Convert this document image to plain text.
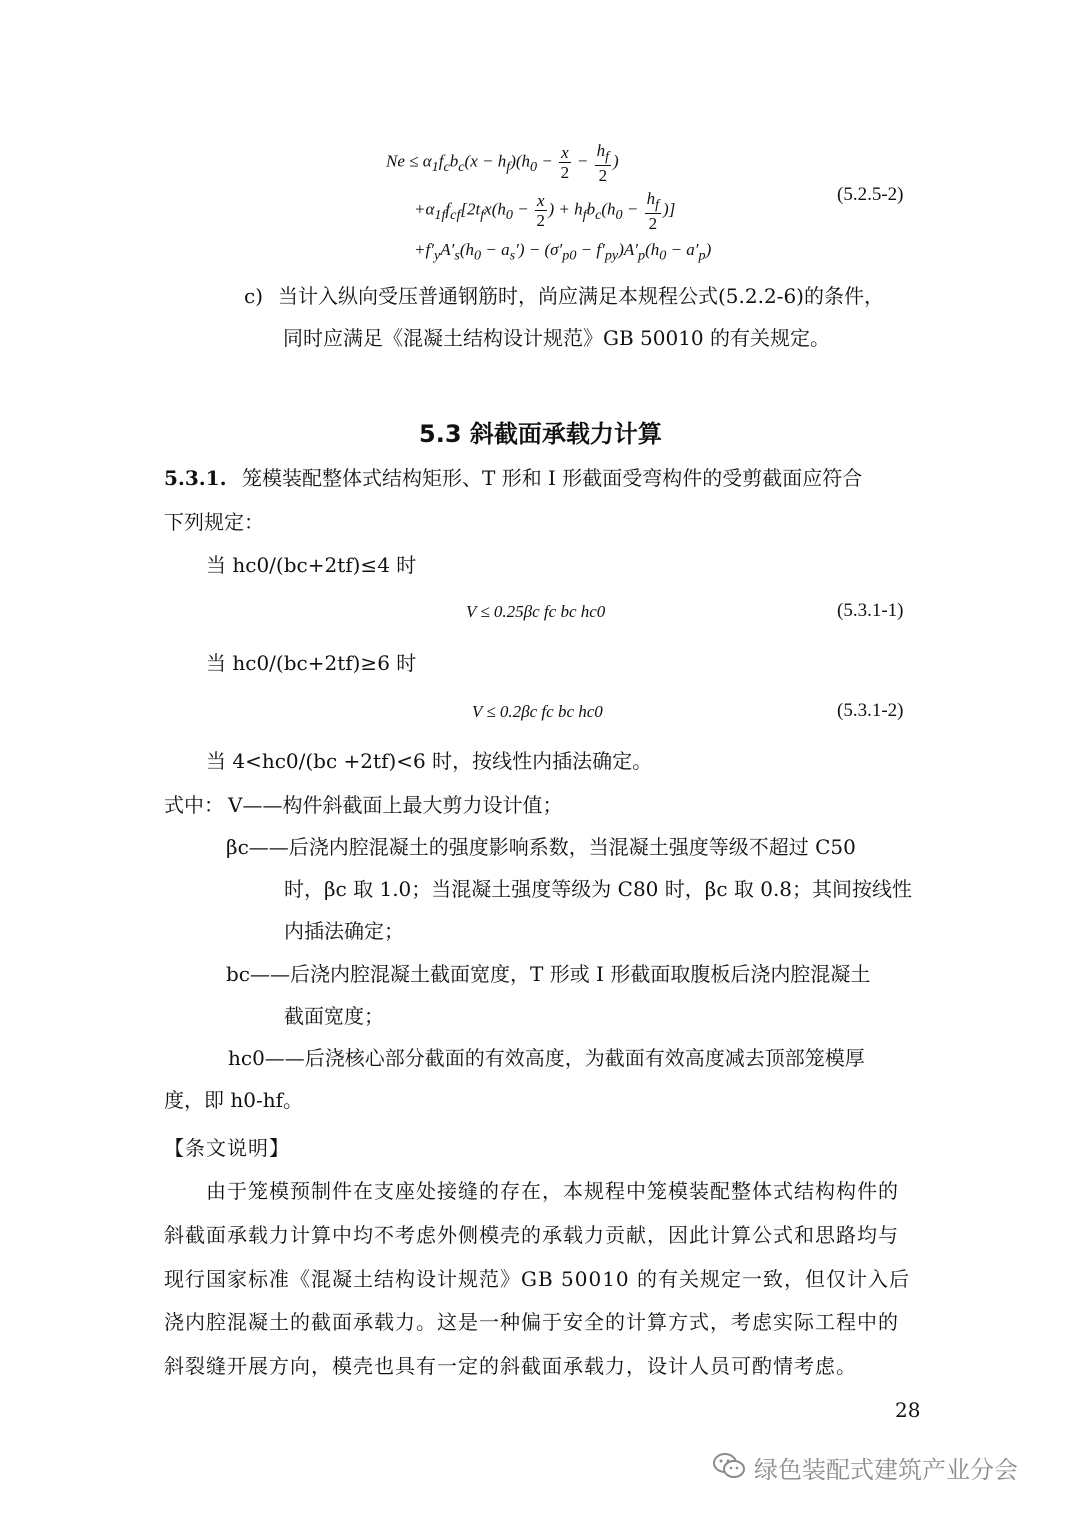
$Ne \le \alpha_1f_cb_c(x - h_f)(h_0 - \frac{x}{2} - \frac{h_f}{2}$ )
$+\alpha_{1f}f_{cf}[2t_fx(h_0 - \frac{x}{2}$ ) + $h_fb_c(h_0 - \frac{h_f}{2}$ )]
$+f'_yA'_s(h_0 - a_s') - (\sigma'_{p0} - f'_{py})A'_p(h_0 - a'_p)$
(5.2.5-2)
c) 当计入纵向受压普通钢筋时，尚应满足本规程公式(5.2.2-6)的条件，
同时应满足《混凝土结构设计规范》GB 50010 的有关规定。
5.3 斜截面承载力计算
5.3.1. 笼模装配整体式结构矩形、T 形和 I 形截面受弯构件的受剪截面应符合
下列规定：
当 hc0/(bc+2tf)≤4 时
V ≤ 0.25βc fc bc hc0	(5.3.1-1)
当 hc0/(bc+2tf)≥6 时
V ≤ 0.2βc fc bc hc0	(5.3.1-2)
当 4<hc0/(bc +2tf)<6 时，按线性内插法确定。
式中： V——构件斜截面上最大剪力设计值；
βc——后浇内腔混凝土的强度影响系数，当混凝土强度等级不超过 C50
时，βc 取 1.0；当混凝土强度等级为 C80 时，βc 取 0.8；其间按线性
内插法确定；
bc——后浇内腔混凝土截面宽度，T 形或 I 形截面取腹板后浇内腔混凝土
截面宽度；
hc0——后浇核心部分截面的有效高度，为截面有效高度减去顶部笼模厚
度，即 h0-hf。
【条文说明】
由于笼模预制件在支座处接缝的存在，本规程中笼模装配整体式结构构件的
斜截面承载力计算中均不考虑外侧模壳的承载力贡献，因此计算公式和思路均与
现行国家标准《混凝土结构设计规范》GB 50010 的有关规定一致，但仅计入后
浇内腔混凝土的截面承载力。这是一种偏于安全的计算方式，考虑实际工程中的
斜裂缝开展方向，模壳也具有一定的斜截面承载力，设计人员可酌情考虑。
28
绿色装配式建筑产业分会
